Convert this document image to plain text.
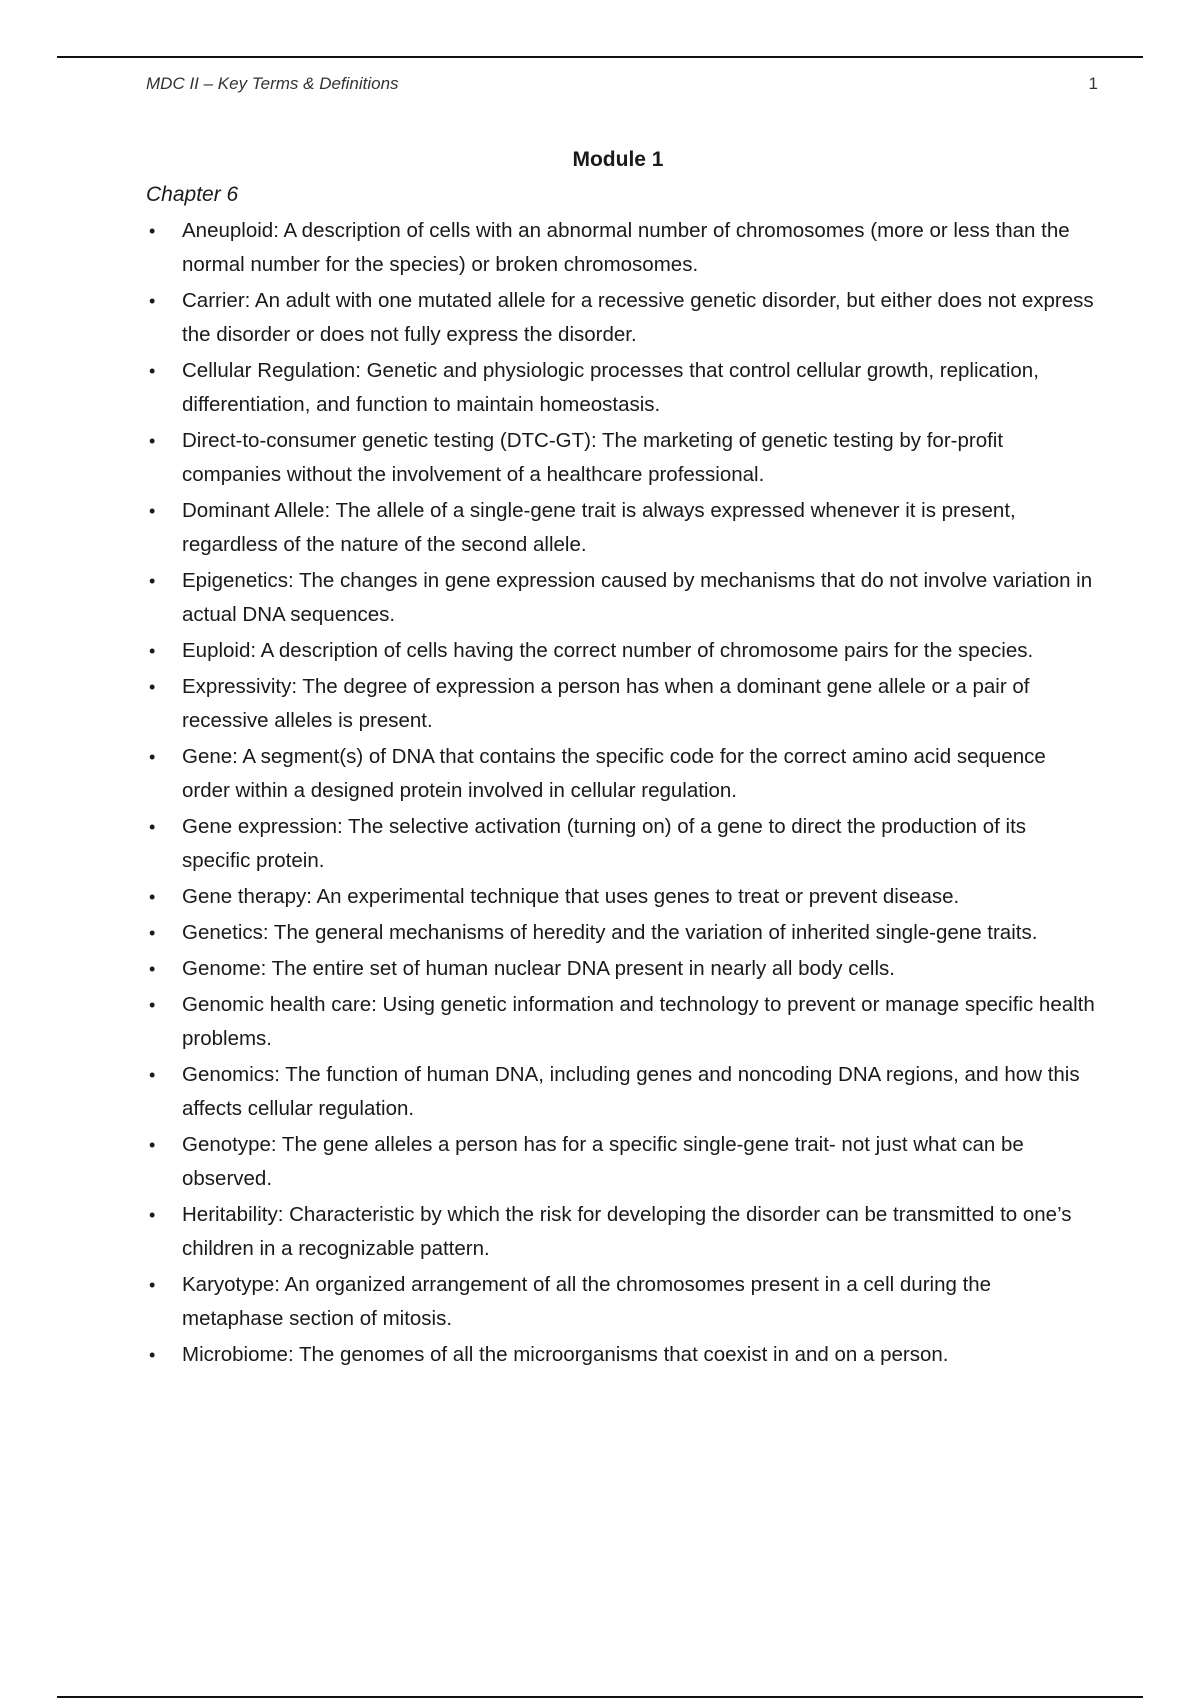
MDC II – Key Terms & Definitions	1
Module 1
Chapter 6
• Aneuploid: A description of cells with an abnormal number of chromosomes (more or less than the normal number for the species) or broken chromosomes.
• Carrier: An adult with one mutated allele for a recessive genetic disorder, but either does not express the disorder or does not fully express the disorder.
• Cellular Regulation: Genetic and physiologic processes that control cellular growth, replication, differentiation, and function to maintain homeostasis.
• Direct-to-consumer genetic testing (DTC-GT): The marketing of genetic testing by for-profit companies without the involvement of a healthcare professional.
• Dominant Allele: The allele of a single-gene trait is always expressed whenever it is present, regardless of the nature of the second allele.
• Epigenetics: The changes in gene expression caused by mechanisms that do not involve variation in actual DNA sequences.
• Euploid: A description of cells having the correct number of chromosome pairs for the species.
• Expressivity: The degree of expression a person has when a dominant gene allele or a pair of recessive alleles is present.
• Gene: A segment(s) of DNA that contains the specific code for the correct amino acid sequence order within a designed protein involved in cellular regulation.
• Gene expression: The selective activation (turning on) of a gene to direct the production of its specific protein.
• Gene therapy: An experimental technique that uses genes to treat or prevent disease.
• Genetics: The general mechanisms of heredity and the variation of inherited single-gene traits.
• Genome: The entire set of human nuclear DNA present in nearly all body cells.
• Genomic health care: Using genetic information and technology to prevent or manage specific health problems.
• Genomics: The function of human DNA, including genes and noncoding DNA regions, and how this affects cellular regulation.
• Genotype: The gene alleles a person has for a specific single-gene trait- not just what can be observed.
• Heritability: Characteristic by which the risk for developing the disorder can be transmitted to one’s children in a recognizable pattern.
• Karyotype: An organized arrangement of all the chromosomes present in a cell during the metaphase section of mitosis.
• Microbiome: The genomes of all the microorganisms that coexist in and on a person.
